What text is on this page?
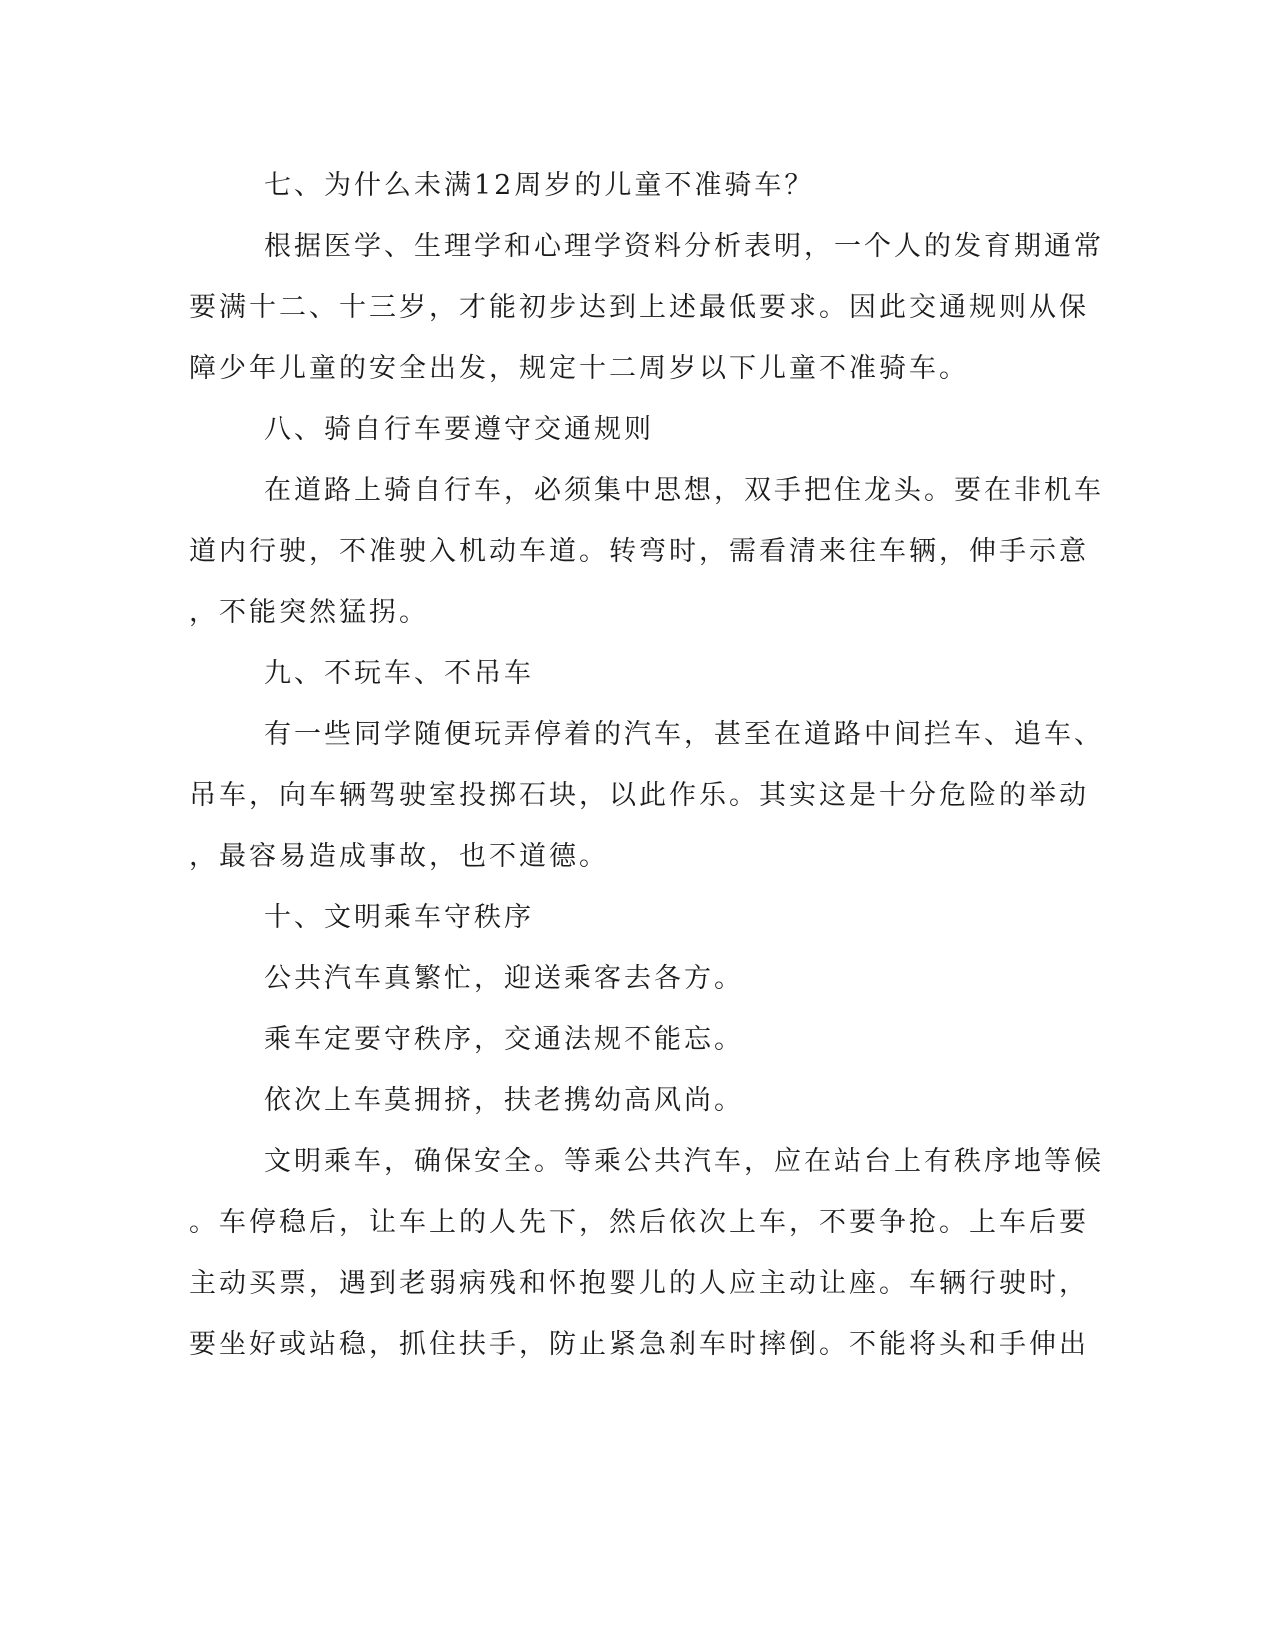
七、为什么未满12周岁的儿童不准骑车？
根据医学、生理学和心理学资料分析表明，一个人的发育期通常
要满十二、十三岁，才能初步达到上述最低要求。因此交通规则从保
障少年儿童的安全出发，规定十二周岁以下儿童不准骑车。
八、骑自行车要遵守交通规则
在道路上骑自行车，必须集中思想，双手把住龙头。要在非机车
道内行驶，不准驶入机动车道。转弯时，需看清来往车辆，伸手示意
，不能突然猛拐。
九、不玩车、不吊车
有一些同学随便玩弄停着的汽车，甚至在道路中间拦车、追车、
吊车，向车辆驾驶室投掷石块，以此作乐。其实这是十分危险的举动
，最容易造成事故，也不道德。
十、文明乘车守秩序
公共汽车真繁忙，迎送乘客去各方。
乘车定要守秩序，交通法规不能忘。
依次上车莫拥挤，扶老携幼高风尚。
文明乘车，确保安全。等乘公共汽车，应在站台上有秩序地等候
。车停稳后，让车上的人先下，然后依次上车，不要争抢。上车后要
主动买票，遇到老弱病残和怀抱婴儿的人应主动让座。车辆行驶时，
要坐好或站稳，抓住扶手，防止紧急刹车时摔倒。不能将头和手伸出
